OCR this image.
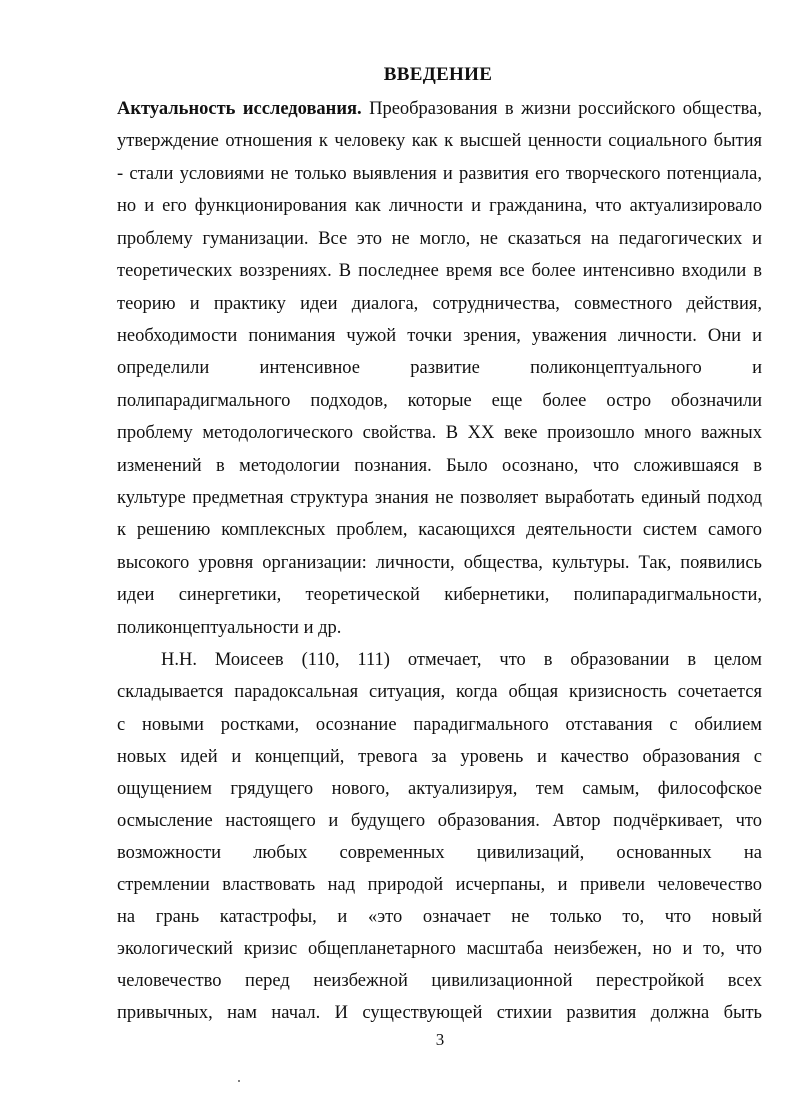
ВВЕДЕНИЕ
Актуальность исследования. Преобразования в жизни российского общества,
утверждение отношения к человеку как к высшей ценности социального бытия
- стали условиями не только выявления и развития его творческого потенциала,
но и его функционирования как личности и гражданина, что актуализировало
проблему гуманизации. Все это не могло, не сказаться на педагогических и
теоретических воззрениях. В последнее время все более интенсивно входили в
теорию и практику идеи диалога, сотрудничества, совместного действия,
необходимости понимания чужой точки зрения, уважения личности. Они и
определили интенсивное развитие поликонцептуального и
полипарадигмального подходов, которые еще более остро обозначили
проблему методологического свойства. В XX веке произошло много важных
изменений в методологии познания. Было осознано, что сложившаяся в
культуре предметная структура знания не позволяет выработать единый подход
к решению комплексных проблем, касающихся деятельности систем самого
высокого уровня организации: личности, общества, культуры. Так, появились
идеи синергетики, теоретической кибернетики, полипарадигмальности,
поликонцептуальности и др.
Н.Н. Моисеев (110, 111) отмечает, что в образовании в целом
складывается парадоксальная ситуация, когда общая кризисность сочетается
с новыми ростками, осознание парадигмального отставания с обилием
новых идей и концепций, тревога за уровень и качество образования с
ощущением грядущего нового, актуализируя, тем самым, философское
осмысление настоящего и будущего образования. Автор подчёркивает, что
возможности любых современных цивилизаций, основанных на
стремлении властвовать над природой исчерпаны, и привели человечество
на грань катастрофы, и «это означает не только то, что новый
экологический кризис общепланетарного масштаба неизбежен, но и то, что
человечество перед неизбежной цивилизационной перестройкой всех
привычных, нам начал. И существующей стихии развития должна быть
3
